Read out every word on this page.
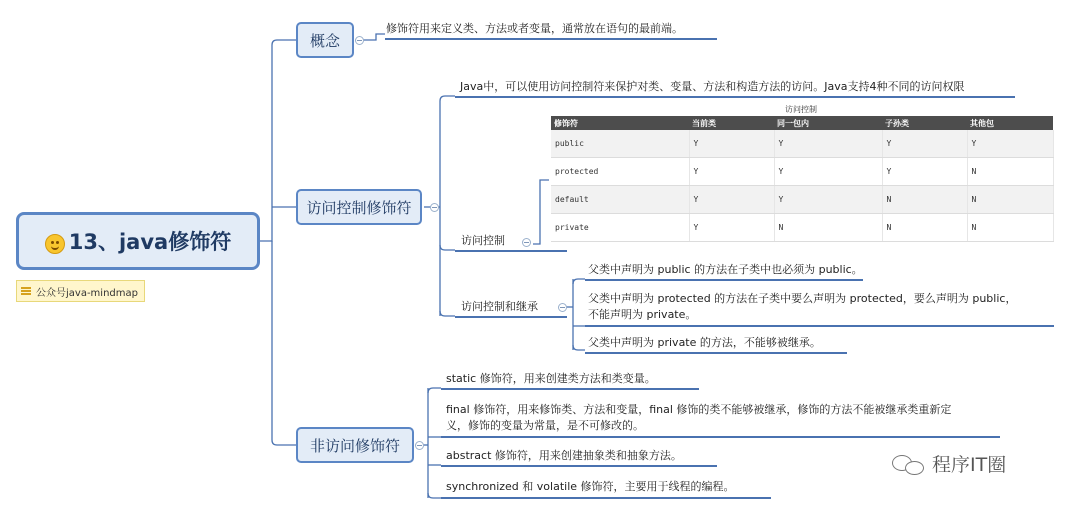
13、java修饰符
公众号java-mindmap
概念
修饰符用来定义类、方法或者变量，通常放在语句的最前端。
访问控制修饰符
Java中，可以使用访问控制符来保护对类、变量、方法和构造方法的访问。Java支持4种不同的访问权限
访问控制
访问控制
修饰符	当前类	同一包内	子孙类	其他包
public	Y	Y	Y	Y
protected	Y	Y	Y	N
default	Y	Y	N	N
private	Y	N	N	N
访问控制和继承
父类中声明为 public 的方法在子类中也必须为 public。
父类中声明为 protected 的方法在子类中要么声明为 protected，要么声明为 public，
不能声明为 private。
父类中声明为 private 的方法，不能够被继承。
非访问修饰符
static 修饰符，用来创建类方法和类变量。
final 修饰符，用来修饰类、方法和变量，final 修饰的类不能够被继承，修饰的方法不能被继承类重新定
义，修饰的变量为常量，是不可修改的。
abstract 修饰符，用来创建抽象类和抽象方法。
synchronized 和 volatile 修饰符，主要用于线程的编程。
程序IT圈
